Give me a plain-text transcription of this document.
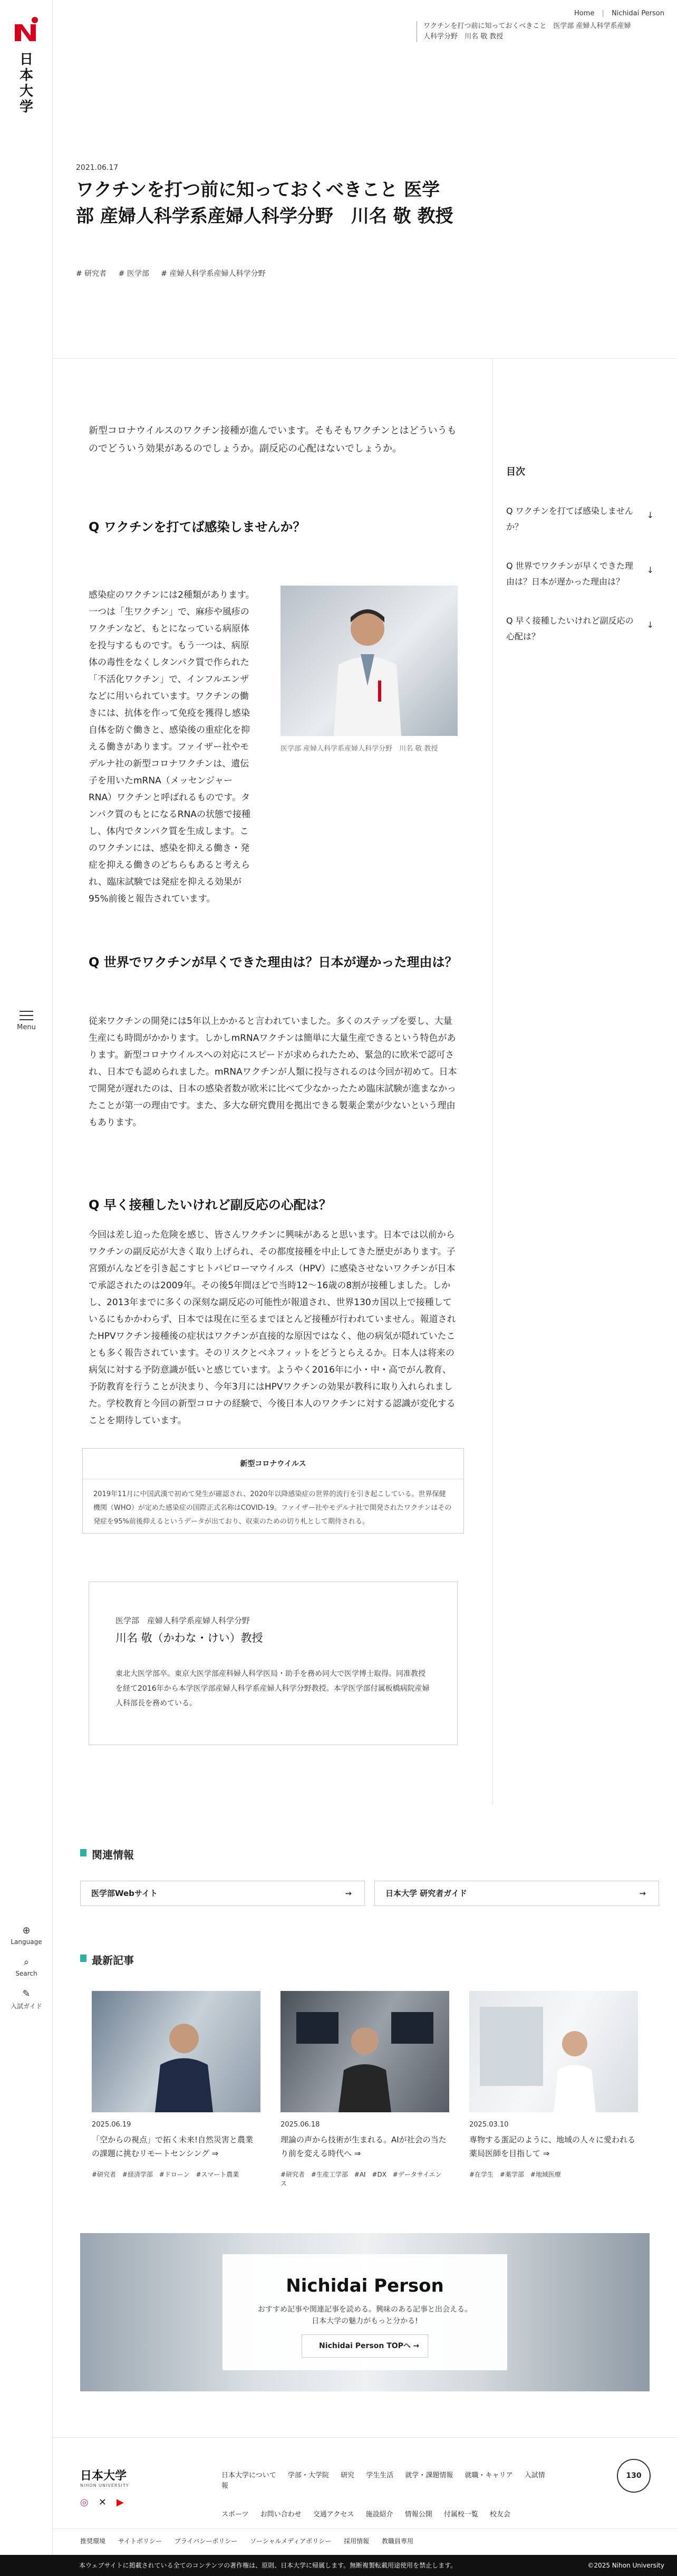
日本大学
Menu
⊕
Language
⌕
Search
✎
入試ガイド
Home | Nichidai Person
ワクチンを打つ前に知っておくべきこと　医学部 産婦人科学系産婦
人科学分野　川名 敬 教授
2021.06.17
ワクチンを打つ前に知っておくべきこと 医学部 産婦人科学系産婦人科学分野　川名 敬 教授
# 研究者 # 医学部 # 産婦人科学系産婦人科学分野

新型コロナウイルスのワクチン接種が進んでいます。そもそもワクチンとはどういうものでどういう効果があるのでしょうか。副反応の心配はないでしょうか。

Q ワクチンを打てば感染しませんか？

感染症のワクチンには2種類があります。一つは「生ワクチン」で、麻疹や風疹のワクチンなど、もとになっている病原体を投与するものです。もう一つは、病原体の毒性をなくしタンパク質で作られた「不活化ワクチン」で、インフルエンザなどに用いられています。ワクチンの働きには、抗体を作って免疫を獲得し感染自体を防ぐ働きと、感染後の重症化を抑える働きがあります。ファイザー社やモデルナ社の新型コロナワクチンは、遺伝子を用いたmRNA（メッセンジャー RNA）ワクチンと呼ばれるものです。タンパク質のもとになるRNAの状態で接種し、体内でタンパク質を生成します。このワクチンには、感染を抑える働き・発症を抑える働きのどちらもあると考えられ、臨床試験では発症を抑える効果が95%前後と報告されています。

医学部 産婦人科学系産婦人科学分野　川名 敬 教授
Q 世界でワクチンが早くできた理由は？日本が遅かった理由は？

従来ワクチンの開発には5年以上かかると言われていました。多くのステップを要し、大量生産にも時間がかかります。しかしmRNAワクチンは簡単に大量生産できるという特色があります。新型コロナウイルスへの対応にスピードが求められたため、緊急的に欧米で認可され、日本でも認められました。mRNAワクチンが人類に投与されるのは今回が初めて。日本で開発が遅れたのは、日本の感染者数が欧米に比べて少なかったため臨床試験が進まなかったことが第一の理由です。また、多大な研究費用を拠出できる製薬企業が少ないという理由もあります。

Q 早く接種したいけれど副反応の心配は？

今回は差し迫った危険を感じ、皆さんワクチンに興味があると思います。日本では以前からワクチンの副反応が大きく取り上げられ、その都度接種を中止してきた歴史があります。子宮頸がんなどを引き起こすヒトパピローマウイルス（HPV）に感染させないワクチンが日本で承認されたのは2009年。その後5年間ほどで当時12～16歳の8割が接種しました。しかし、2013年までに多くの深刻な副反応の可能性が報道され、世界130カ国以上で接種しているにもかかわらず、日本では現在に至るまでほとんど接種が行われていません。報道されたHPVワクチン接種後の症状はワクチンが直接的な原因ではなく、他の病気が隠れていたことも多く報告されています。そのリスクとベネフィットをどうとらえるか。日本人は将来の病気に対する予防意識が低いと感じています。ようやく2016年に小・中・高でがん教育、予防教育を行うことが決まり、今年3月にはHPVワクチンの効果が教科に取り入れられました。学校教育と今回の新型コロナの経験で、今後日本人のワクチンに対する認識が変化することを期待しています。

新型コロナウイルス
2019年11月に中国武漢で初めて発生が確認され、2020年以降感染症の世界的流行を引き起こしている。世界保健機関（WHO）が定めた感染症の国際正式名称はCOVID-19。ファイザー社やモデルナ社で開発されたワクチンはその発症を95%前後抑えるというデータが出ており、収束のための切り札として期待される。
医学部　産婦人科学系産婦人科学分野
川名 敬（かわな・けい）教授
東北大医学部卒。東京大医学部産科婦人科学医局・助手を務め同大で医学博士取得。同准教授を経て2016年から本学医学部産婦人科学系産婦人科学分野教授。本学医学部付属板橋病院産婦人科部長を務めている。
目次
Q ワクチンを打てば感染しませんか？
↓
Q 世界でワクチンが早くできた理由は？日本が遅かった理由は？
↓
Q 早く接種したいけれど副反応の心配は？
↓
関連情報
医学部Webサイト	→	日本大学 研究者ガイド	→
最新記事
2025.06.19
「空からの視点」で拓く未来!自然災害と農業の課題に挑むリモートセンシング ⇒
#研究者 #経済学部 #ドローン #スマート農業
2025.06.18
理論の声から技術が生まれる。AIが社会の当たり前を変える時代へ ⇒
#研究者 #生産工学部 #AI #DX #データサイエンス
2025.03.10
専物する蛋記のように、地域の人々に愛われる薬局医師を目指して ⇒
#在学生 #薬学部 #地域医療
Nichidai Person
おすすめ記事や関連記事を読める。興味のある記事と出会える。
日本大学の魅力がもっと分かる!
Nichidai Person TOPへ →
日本大学
NIHON UNIVERSITY
◎ ✕ ▶
日本大学について 学部・大学院 研究 学生生活 就学・課題情報 就職・キャリア 入試情報
スポーツ お問い合わせ 交通アクセス 施設紹介 情報公開 付属校一覧 校友会
130
推奨環境 サイトポリシー プライバシーポリシー ソーシャルメディアポリシー 採用情報 教職員専用
本ウェブサイトに掲載されている全てのコンテンツの著作権は、原則、日本大学に帰属します。無断複製転載用途使用を禁止します。	©2025 Nihon University
